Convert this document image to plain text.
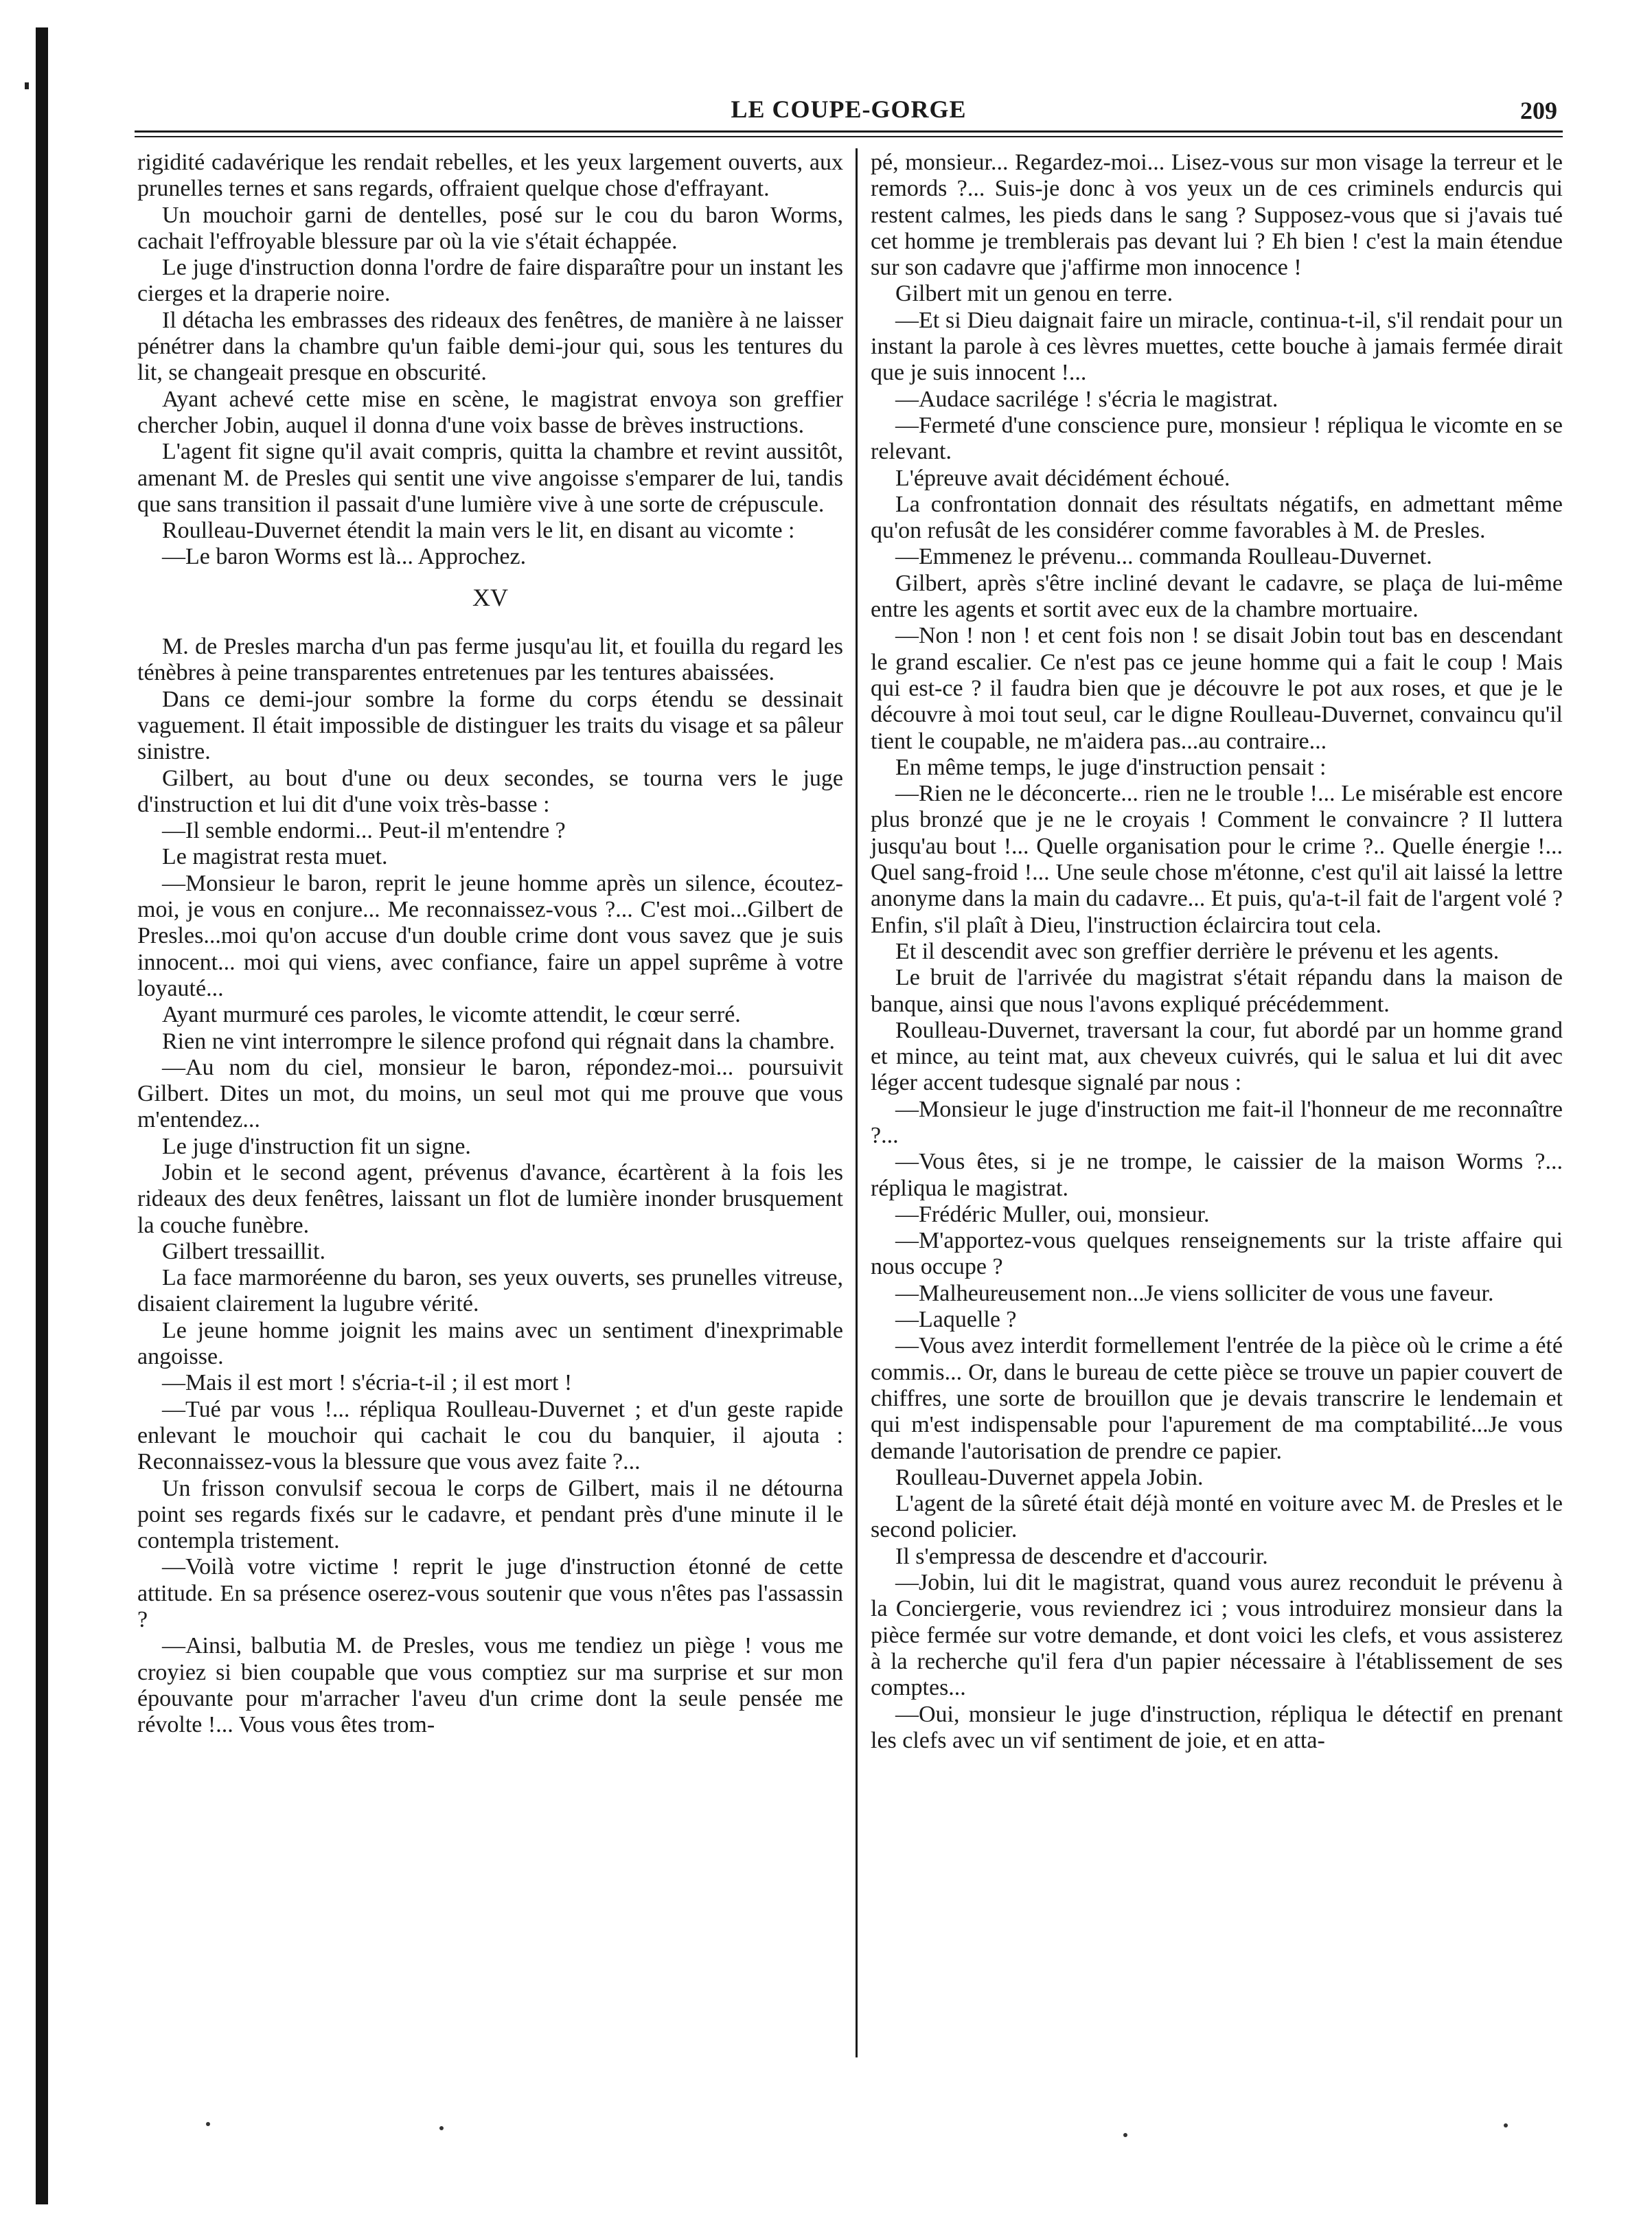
LE COUPE-GORGE	209

rigidité cadavérique les rendait rebelles, et les yeux largement ouverts, aux prunelles ternes et sans regards, offraient quelque chose d'effrayant.

Un mouchoir garni de dentelles, posé sur le cou du baron Worms, cachait l'effroyable blessure par où la vie s'était échappée.

Le juge d'instruction donna l'ordre de faire disparaître pour un instant les cierges et la draperie noire.

Il détacha les embrasses des rideaux des fenêtres, de manière à ne laisser pénétrer dans la chambre qu'un faible demi-jour qui, sous les tentures du lit, se changeait presque en obscurité.

Ayant achevé cette mise en scène, le magistrat envoya son greffier chercher Jobin, auquel il donna d'une voix basse de brèves instructions.

L'agent fit signe qu'il avait compris, quitta la chambre et revint aussitôt, amenant M. de Presles qui sentit une vive angoisse s'emparer de lui, tandis que sans transition il passait d'une lumière vive à une sorte de crépuscule.

Roulleau-Duvernet étendit la main vers le lit, en disant au vicomte :

—Le baron Worms est là... Approchez.

XV

M. de Presles marcha d'un pas ferme jusqu'au lit, et fouilla du regard les ténèbres à peine transparentes entretenues par les tentures abaissées.

Dans ce demi-jour sombre la forme du corps étendu se dessinait vaguement. Il était impossible de distinguer les traits du visage et sa pâleur sinistre.

Gilbert, au bout d'une ou deux secondes, se tourna vers le juge d'instruction et lui dit d'une voix très-basse :

—Il semble endormi... Peut-il m'entendre ?

Le magistrat resta muet.

—Monsieur le baron, reprit le jeune homme après un silence, écoutez-moi, je vous en conjure... Me reconnaissez-vous ?... C'est moi...Gilbert de Presles...moi qu'on accuse d'un double crime dont vous savez que je suis innocent... moi qui viens, avec confiance, faire un appel suprême à votre loyauté...

Ayant murmuré ces paroles, le vicomte attendit, le cœur serré.

Rien ne vint interrompre le silence profond qui régnait dans la chambre.

—Au nom du ciel, monsieur le baron, répondez-moi... poursuivit Gilbert. Dites un mot, du moins, un seul mot qui me prouve que vous m'entendez...

Le juge d'instruction fit un signe.

Jobin et le second agent, prévenus d'avance, écartèrent à la fois les rideaux des deux fenêtres, laissant un flot de lumière inonder brusquement la couche funèbre.

Gilbert tressaillit.

La face marmoréenne du baron, ses yeux ouverts, ses prunelles vitreuse, disaient clairement la lugubre vérité.

Le jeune homme joignit les mains avec un sentiment d'inexprimable angoisse.

—Mais il est mort ! s'écria-t-il ; il est mort !

—Tué par vous !... répliqua Roulleau-Duvernet ; et d'un geste rapide enlevant le mouchoir qui cachait le cou du banquier, il ajouta : Reconnaissez-vous la blessure que vous avez faite ?...

Un frisson convulsif secoua le corps de Gilbert, mais il ne détourna point ses regards fixés sur le cadavre, et pendant près d'une minute il le contempla tristement.

—Voilà votre victime ! reprit le juge d'instruction étonné de cette attitude. En sa présence oserez-vous soutenir que vous n'êtes pas l'assassin ?

—Ainsi, balbutia M. de Presles, vous me tendiez un piège ! vous me croyiez si bien coupable que vous comptiez sur ma surprise et sur mon épouvante pour m'arracher l'aveu d'un crime dont la seule pensée me révolte !... Vous vous êtes trom-

pé, monsieur... Regardez-moi... Lisez-vous sur mon visage la terreur et le remords ?... Suis-je donc à vos yeux un de ces criminels endurcis qui restent calmes, les pieds dans le sang ? Supposez-vous que si j'avais tué cet homme je tremblerais pas devant lui ? Eh bien ! c'est la main étendue sur son cadavre que j'affirme mon innocence !

Gilbert mit un genou en terre.

—Et si Dieu daignait faire un miracle, continua-t-il, s'il rendait pour un instant la parole à ces lèvres muettes, cette bouche à jamais fermée dirait que je suis innocent !...

—Audace sacrilége ! s'écria le magistrat.

—Fermeté d'une conscience pure, monsieur ! répliqua le vicomte en se relevant.

L'épreuve avait décidément échoué.

La confrontation donnait des résultats négatifs, en admettant même qu'on refusât de les considérer comme favorables à M. de Presles.

—Emmenez le prévenu... commanda Roulleau-Duvernet.

Gilbert, après s'être incliné devant le cadavre, se plaça de lui-même entre les agents et sortit avec eux de la chambre mortuaire.

—Non ! non ! et cent fois non ! se disait Jobin tout bas en descendant le grand escalier. Ce n'est pas ce jeune homme qui a fait le coup ! Mais qui est-ce ? il faudra bien que je découvre le pot aux roses, et que je le découvre à moi tout seul, car le digne Roulleau-Duvernet, convaincu qu'il tient le coupable, ne m'aidera pas...au contraire...

En même temps, le juge d'instruction pensait :

—Rien ne le déconcerte... rien ne le trouble !... Le misérable est encore plus bronzé que je ne le croyais ! Comment le convaincre ? Il luttera jusqu'au bout !... Quelle organisation pour le crime ?.. Quelle énergie !... Quel sang-froid !... Une seule chose m'étonne, c'est qu'il ait laissé la lettre anonyme dans la main du cadavre... Et puis, qu'a-t-il fait de l'argent volé ? Enfin, s'il plaît à Dieu, l'instruction éclaircira tout cela.

Et il descendit avec son greffier derrière le prévenu et les agents.

Le bruit de l'arrivée du magistrat s'était répandu dans la maison de banque, ainsi que nous l'avons expliqué précédemment.

Roulleau-Duvernet, traversant la cour, fut abordé par un homme grand et mince, au teint mat, aux cheveux cuivrés, qui le salua et lui dit avec léger accent tudesque signalé par nous :

—Monsieur le juge d'instruction me fait-il l'honneur de me reconnaître ?...

—Vous êtes, si je ne trompe, le caissier de la maison Worms ?... répliqua le magistrat.

—Frédéric Muller, oui, monsieur.

—M'apportez-vous quelques renseignements sur la triste affaire qui nous occupe ?

—Malheureusement non...Je viens solliciter de vous une faveur.

—Laquelle ?

—Vous avez interdit formellement l'entrée de la pièce où le crime a été commis... Or, dans le bureau de cette pièce se trouve un papier couvert de chiffres, une sorte de brouillon que je devais transcrire le lendemain et qui m'est indispensable pour l'apurement de ma comptabilité...Je vous demande l'autorisation de prendre ce papier.

Roulleau-Duvernet appela Jobin.

L'agent de la sûreté était déjà monté en voiture avec M. de Presles et le second policier.

Il s'empressa de descendre et d'accourir.

—Jobin, lui dit le magistrat, quand vous aurez reconduit le prévenu à la Conciergerie, vous reviendrez ici ; vous introduirez monsieur dans la pièce fermée sur votre demande, et dont voici les clefs, et vous assisterez à la recherche qu'il fera d'un papier nécessaire à l'établissement de ses comptes...

—Oui, monsieur le juge d'instruction, répliqua le détectif en prenant les clefs avec un vif sentiment de joie, et en atta-
